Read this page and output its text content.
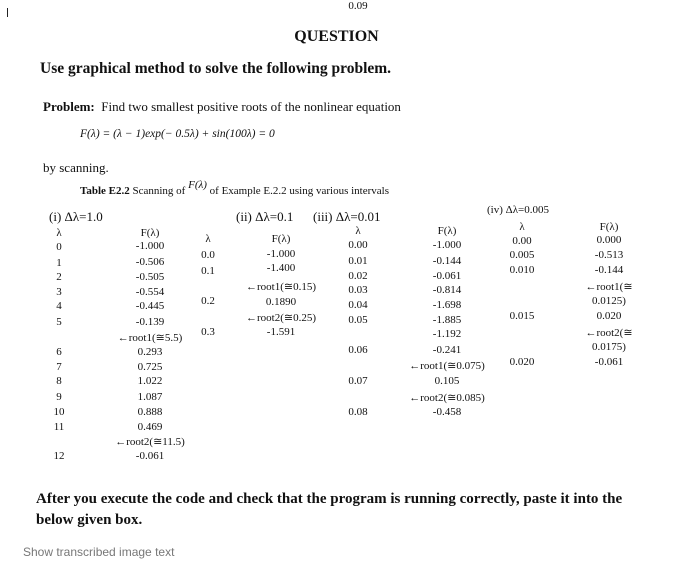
QUESTION
Use graphical method to solve the following problem.
Problem: Find two smallest positive roots of the nonlinear equation
F(λ) = (λ − 1)exp(− 0.5λ) + sin(100λ) = 0
by scanning.
Table E2.2 Scanning of F(λ) of Example E.2.2 using various intervals
(i) Δλ=1.0	(ii) Δλ=0.1 (iii) Δλ=0.01	(iv) Δλ=0.005
λ
0
1
2
3
4
5
6
7
8
9
10
11
12
F(λ)
-1.000
-0.506
-0.505
-0.554
-0.445
-0.139
←root1(≅5.5)
0.293
0.725
1.022
1.087
0.888
0.469
←root2(≅11.5)
-0.061
λ
0.0
0.1
0.2
0.3
F(λ)
-1.000
-1.400
←root1(≅0.15)
0.1890
←root2(≅0.25)
-1.591
λ
0.00
0.01
0.02
0.03
0.04
0.05
0.06
0.07
0.08
0.09
F(λ)
-1.000
-0.144
-0.061
-0.814
-1.698
-1.885
-1.192
-0.241
←root1(≅0.075)
0.105
←root2(≅0.085)
-0.458
λ
0.00
0.005
0.010
0.015
0.020
F(λ)
0.000
-0.513
-0.144
←root1(≅
0.0125)
0.020
←root2(≅
0.0175)
-0.061
After you execute the code and check that the program is running correctly, paste it into the below given box.
Show transcribed image text
